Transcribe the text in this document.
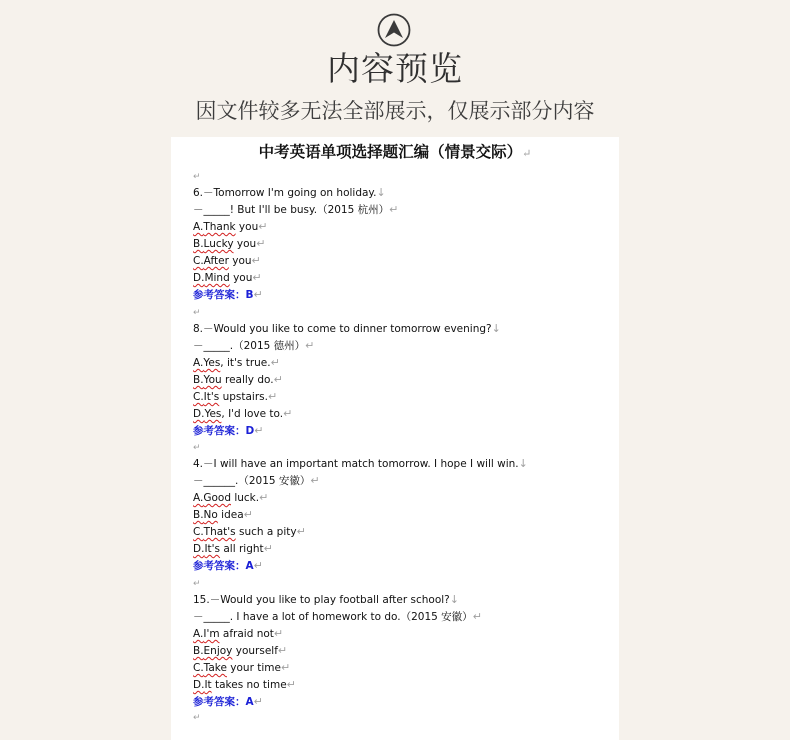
内容预览
因文件较多无法全部展示，仅展示部分内容
中考英语单项选择题汇编（情景交际）↵
↵
6.－Tomorrow I'm going on holiday.↓
－_____! But I'll be busy.（2015 杭州）↵
A.Thank you↵
B.Lucky you↵
C.After you↵
D.Mind you↵
参考答案：B↵
↵
8.－Would you like to come to dinner tomorrow evening?↓
－_____.（2015 德州）↵
A.Yes, it's true.↵
B.You really do.↵
C.It's upstairs.↵
D.Yes, I'd love to.↵
参考答案：D↵
↵
4.－I will have an important match tomorrow. I hope I will win.↓
－______.（2015 安徽）↵
A.Good luck.↵
B.No idea↵
C.That's such a pity↵
D.It's all right↵
参考答案：A↵
↵
15.－Would you like to play football after school?↓
－_____. I have a lot of homework to do.（2015 安徽）↵
A.I'm afraid not↵
B.Enjoy yourself↵
C.Take your time↵
D.It takes no time↵
参考答案：A↵
↵
